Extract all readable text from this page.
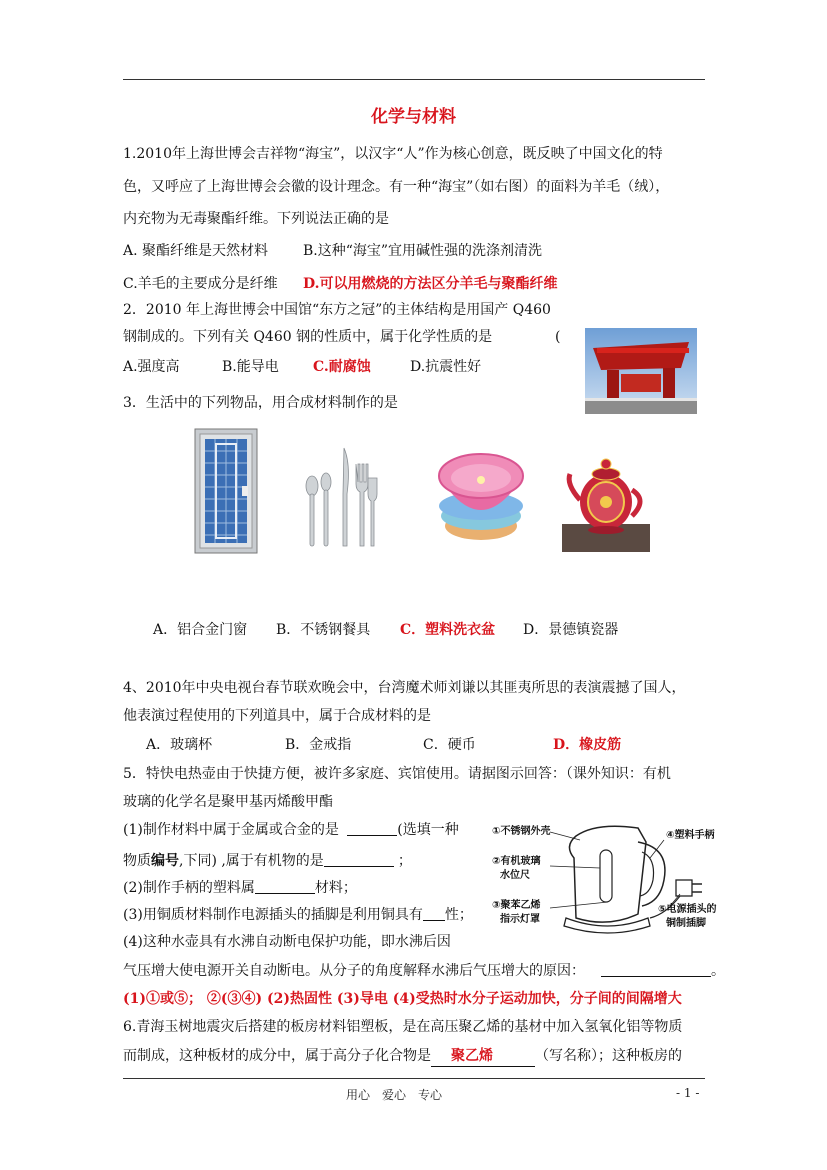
化学与材料
1.2010年上海世博会吉祥物“海宝”，以汉字“人”作为核心创意，既反映了中国文化的特
色，又呼应了上海世博会会徽的设计理念。有一种“海宝”（如右图）的面料为羊毛（绒），
内充物为无毒聚酯纤维。下列说法正确的是
A. 聚酯纤维是天然材料 B.这种“海宝”宜用碱性强的洗涤剂清洗
C.羊毛的主要成分是纤维 D.可以用燃烧的方法区分羊毛与聚酯纤维
2．2010 年上海世博会中国馆“东方之冠”的主体结构是用国产 Q460
钢制成的。下列有关 Q460 钢的性质中，属于化学性质的是	(
A.强度高	B.能导电 C.耐腐蚀	D.抗震性好
3．生活中的下列物品，用合成材料制作的是
A．铝合金门窗 B．不锈钢餐具 C．塑料洗衣盆 D．景德镇瓷器
4、2010年中央电视台春节联欢晚会中，台湾魔术师刘谦以其匪夷所思的表演震撼了国人，
他表演过程使用的下列道具中，属于合成材料的是
A．玻璃杯	B．金戒指	C．硬币	D．橡皮筋
5．特快电热壶由于快捷方便，被许多家庭、宾馆使用。请据图示回答：（课外知识：有机
玻璃的化学名是聚甲基丙烯酸甲酯
(1)制作材料中属于金属或合金的是	(选填一种
物质编号,下同) ,属于有机物的是	；
(2)制作手柄的塑料属	材料；
(3)用铜质材料制作电源插头的插脚是利用铜具有 性；
(4)这种水壶具有水沸自动断电保护功能，即水沸后因
气压增大使电源开关自动断电。从分子的角度解释水沸后气压增大的原因：	。
(1)①或⑤； ②(③④) (2)热固性 (3)导电 (4)受热时水分子运动加快，分子间的间隔增大
①不锈钢外壳
②有机玻璃
水位尺
③聚苯乙烯
指示灯罩
④塑料手柄
⑤电源插头的
铜制插脚
6.青海玉树地震灾后搭建的板房材料铝塑板，是在高压聚乙烯的基材中加入氢氧化铝等物质
而制成，这种板材的成分中，属于高分子化合物是 聚乙烯	（写名称）；这种板房的
用心　爱心　专心	- 1 -
